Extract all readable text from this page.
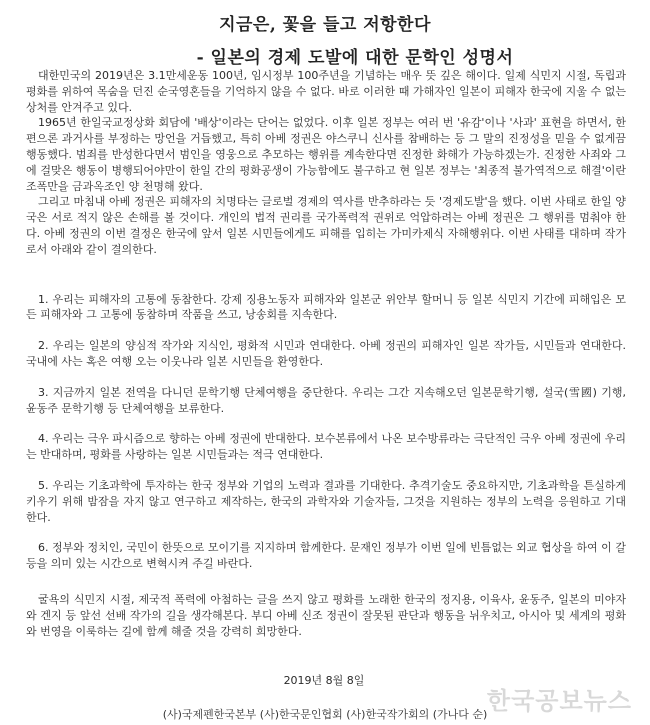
지금은, 꽃을 들고 저항한다
- 일본의 경제 도발에 대한 문학인 성명서

대한민국의 2019년은 3.1만세운동 100년, 임시정부 100주년을 기념하는 매우 뜻 깊은 해이다. 일제 식민지 시절, 독립과 평화를 위하여 목숨을 던진 순국영혼들을 기억하지 않을 수 없다. 바로 이러한 때 가해자인 일본이 피해자 한국에 지울 수 없는 상처를 안겨주고 있다.

1965년 한일국교정상화 회담에 '배상'이라는 단어는 없었다. 이후 일본 정부는 여러 번 '유감'이나 '사과' 표현을 하면서, 한편으론 과거사를 부정하는 망언을 거듭했고, 특히 아베 정권은 야스쿠니 신사를 참배하는 등 그 말의 진정성을 믿을 수 없게끔 행동했다. 범죄를 반성한다면서 범인을 영웅으로 추모하는 행위를 계속한다면 진정한 화해가 가능하겠는가. 진정한 사죄와 그에 걸맞은 행동이 병행되어야만이 한일 간의 평화공생이 가능함에도 불구하고 현 일본 정부는 '최종적 불가역적으로 해결'이란 조폭만을 금과옥조인 양 천명해 왔다.

그리고 마침내 아베 정권은 피해자의 치명타는 글로벌 경제의 역사를 반추하라는 듯 '경제도발'을 했다. 이번 사태로 한일 양국은 서로 적지 않은 손해를 볼 것이다. 개인의 법적 권리를 국가폭력적 권위로 억압하려는 아베 정권은 그 행위를 멈춰야 한다. 아베 정권의 이번 결정은 한국에 앞서 일본 시민들에게도 피해를 입히는 가미카제식 자해행위다. 이번 사태를 대하며 작가로서 아래와 같이 결의한다.

1. 우리는 피해자의 고통에 동참한다. 강제 징용노동자 피해자와 일본군 위안부 할머니 등 일본 식민지 기간에 피해입은 모든 피해자와 그 고통에 동참하며 작품을 쓰고, 낭송회를 지속한다.

2. 우리는 일본의 양심적 작가와 지식인, 평화적 시민과 연대한다. 아베 정권의 피해자인 일본 작가들, 시민들과 연대한다. 국내에 사는 혹은 여행 오는 이웃나라 일본 시민들을 환영한다.

3. 지금까지 일본 전역을 다니던 문학기행 단체여행을 중단한다. 우리는 그간 지속해오던 일본문학기행, 설국(雪國) 기행, 윤동주 문학기행 등 단체여행을 보류한다.

4. 우리는 극우 파시즘으로 향하는 아베 정권에 반대한다. 보수본류에서 나온 보수방류라는 극단적인 극우 아베 정권에 우리는 반대하며, 평화를 사랑하는 일본 시민들과는 적극 연대한다.

5. 우리는 기초과학에 투자하는 한국 정부와 기업의 노력과 결과를 기대한다. 추격기술도 중요하지만, 기초과학을 튼실하게 키우기 위해 밤잠을 자지 않고 연구하고 제작하는, 한국의 과학자와 기술자들, 그것을 지원하는 정부의 노력을 응원하고 기대한다.

6. 정부와 정치인, 국민이 한뜻으로 모이기를 지지하며 함께한다. 문재인 정부가 이번 일에 빈틈없는 외교 협상을 하여 이 갈등을 의미 있는 시간으로 변혁시켜 주길 바란다.

굴욕의 식민지 시절, 제국적 폭력에 아첨하는 글을 쓰지 않고 평화를 노래한 한국의 정지용, 이육사, 윤동주, 일본의 미야자와 겐지 등 앞선 선배 작가의 길을 생각해본다. 부디 아베 신조 정권이 잘못된 판단과 행동을 뉘우치고, 아시아 및 세계의 평화와 번영을 이룩하는 길에 함께 해줄 것을 강력히 희망한다.

2019년 8월 8일
한국공보뉴스
(사)국제펜한국본부 (사)한국문인협회 (사)한국작가회의 (가나다 순)
